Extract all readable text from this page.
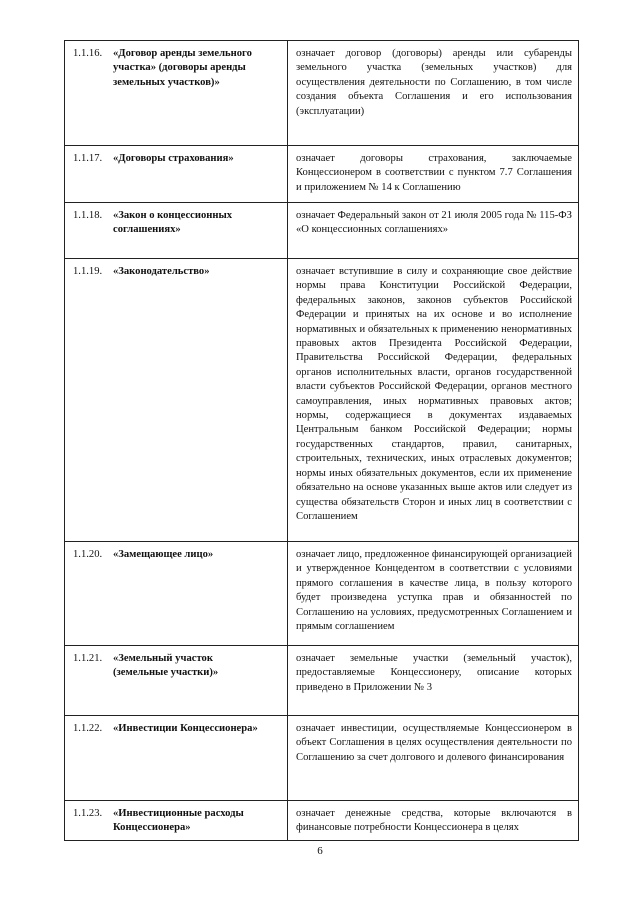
1.1.16. «Договор аренды земельного
участка» (договоры аренды земельных участков)»	означает договор (договоры) аренды или субаренды земельного участка (земельных участков) для осуществления деятельности по Соглашению, в том числе создания объекта Соглашения и его использования (эксплуатации)
1.1.17. «Договоры страхования»	означает договоры страхования, заключаемые Концессионером в соответствии с пунктом 7.7 Соглашения и приложением № 14 к Соглашению
1.1.18. «Закон о концессионных
соглашениях»	означает Федеральный закон от 21 июля 2005 года № 115-ФЗ «О концессионных соглашениях»
1.1.19. «Законодательство»	означает вступившие в силу и сохраняющие свое действие нормы права Конституции Российской Федерации, федеральных законов, законов субъектов Российской Федерации и принятых на их основе и во исполнение нормативных и обязательных к применению ненормативных правовых актов Президента Российской Федерации, Правительства Российской Федерации, федеральных органов исполнительных власти, органов государственной власти субъектов Российской Федерации, органов местного самоуправления, иных нормативных правовых актов; нормы, содержащиеся в документах издаваемых Центральным банком Российской Федерации; нормы государственных стандартов, правил, санитарных, строительных, технических, иных отраслевых документов; нормы иных обязательных документов, если их применение обязательно на основе указанных выше актов или следует из существа обязательств Сторон и иных лиц в соответствии с Соглашением
1.1.20. «Замещающее лицо»	означает лицо, предложенное финансирующей организацией и утвержденное Концедентом в соответствии с условиями прямого соглашения в качестве лица, в пользу которого будет произведена уступка прав и обязанностей по Соглашению на условиях, предусмотренных Соглашением и прямым соглашением
1.1.21. «Земельный участок
(земельные участки)»	означает земельные участки (земельный участок), предоставляемые Концессионеру, описание которых приведено в Приложении № 3
1.1.22. «Инвестиции Концессионера»	означает инвестиции, осуществляемые Концессионером в объект Соглашения в целях осуществления деятельности по Соглашению за счет долгового и долевого финансирования
1.1.23. «Инвестиционные расходы
Концессионера»	означает денежные средства, которые включаются в финансовые потребности Концессионера в целях
6
